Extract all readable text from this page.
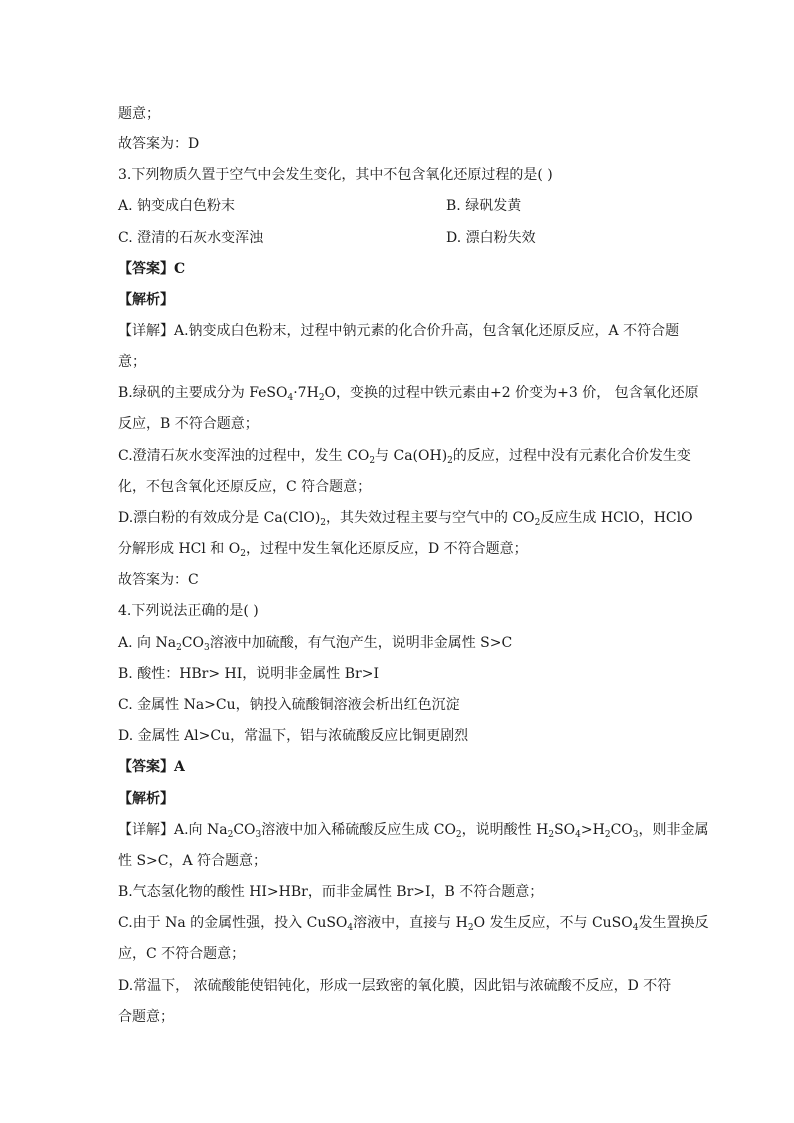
题意；
故答案为：D
3.下列物质久置于空气中会发生变化，其中不包含氧化还原过程的是( )
A. 钠变成白色粉末	B. 绿矾发黄
C. 澄清的石灰水变浑浊	D. 漂白粉失效
【答案】C
【解析】
【详解】A.钠变成白色粉末，过程中钠元素的化合价升高，包含氧化还原反应，A 不符合题
意；
B.绿矾的主要成分为 $FeSO_4\cdot 7H_2O$，变换的过程中铁元素由+2 价变为+3 价， 包含氧化还原
反应，B 不符合题意；
C.澄清石灰水变浑浊的过程中，发生 $CO_2$与 $Ca(OH)_2$的反应，过程中没有元素化合价发生变
化，不包含氧化还原反应，C 符合题意；
D.漂白粉的有效成分是 $Ca(ClO)_2$，其失效过程主要与空气中的 $CO_2$反应生成 HClO，HClO
分解形成 HCl 和 $O_2$，过程中发生氧化还原反应，D 不符合题意；
故答案为：C
4.下列说法正确的是( )
A. 向 $Na_2CO_3$溶液中加硫酸，有气泡产生，说明非金属性 S>C
B. 酸性：HBr> HI，说明非金属性 Br>I
C. 金属性 Na>Cu，钠投入硫酸铜溶液会析出红色沉淀
D. 金属性 Al>Cu，常温下，铝与浓硫酸反应比铜更剧烈
【答案】A
【解析】
【详解】A.向 $Na_2CO_3$溶液中加入稀硫酸反应生成 $CO_2$，说明酸性 $H_2SO_4>H_2CO_3$，则非金属
性 S>C，A 符合题意；
B.气态氢化物的酸性 HI>HBr，而非金属性 Br>I，B 不符合题意；
C.由于 Na 的金属性强，投入 CuSO$_4$溶液中，直接与 $H_2O$ 发生反应，不与 CuSO$_4$发生置换反
应，C 不符合题意；
D.常温下， 浓硫酸能使铝钝化，形成一层致密的氧化膜，因此铝与浓硫酸不反应，D 不符
合题意；
